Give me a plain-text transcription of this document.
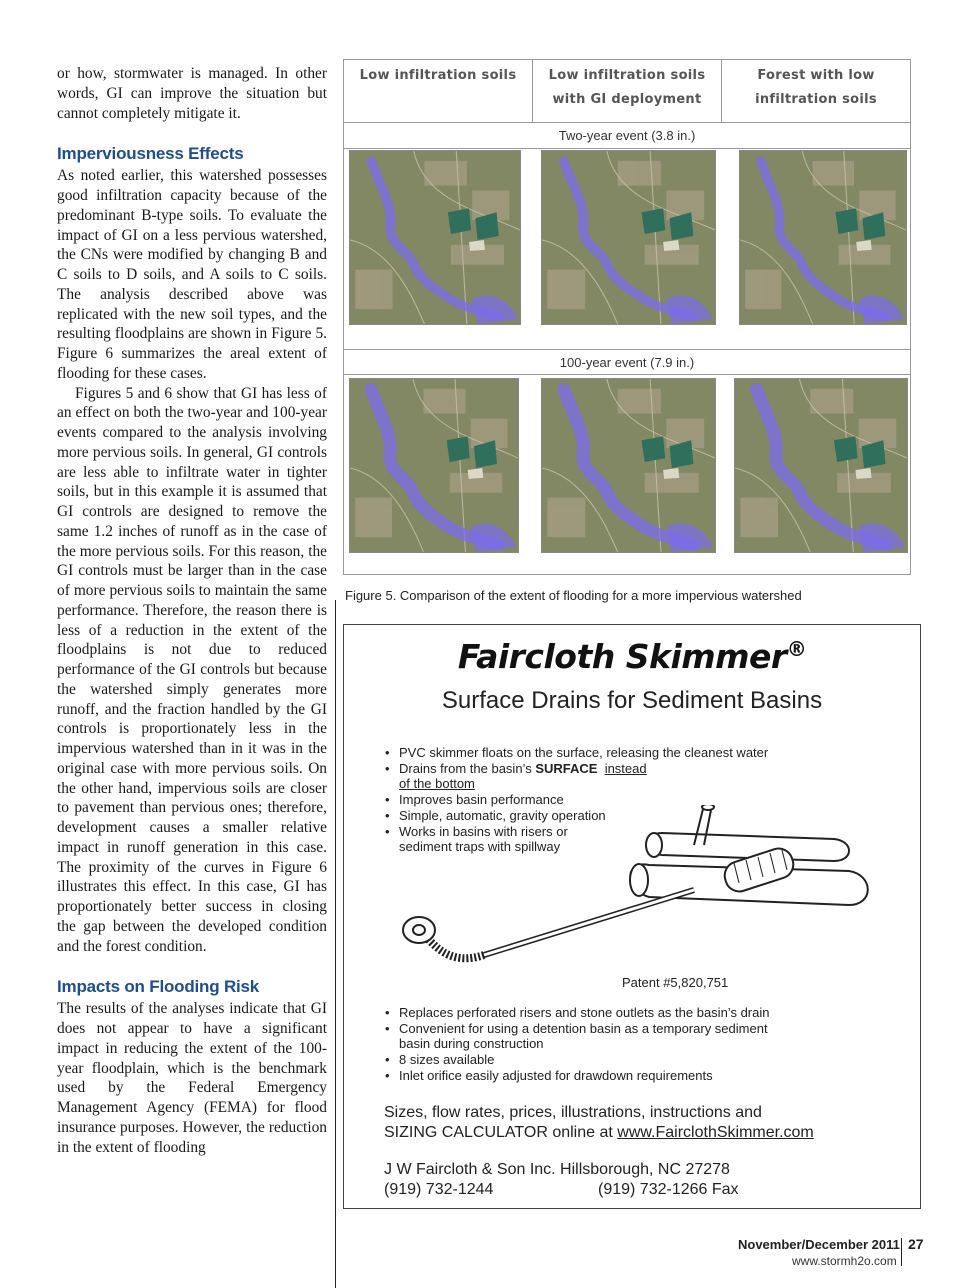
or how, stormwater is managed. In other words, GI can improve the situation but cannot completely mitigate it.

Imperviousness Effects

As noted earlier, this watershed possesses good infiltration capacity because of the predominant B-type soils. To evaluate the impact of GI on a less pervious watershed, the CNs were modified by changing B and C soils to D soils, and A soils to C soils. The analysis described above was replicated with the new soil types, and the resulting floodplains are shown in Figure 5. Figure 6 summarizes the areal extent of flooding for these cases.

Figures 5 and 6 show that GI has less of an effect on both the two-year and 100-year events compared to the analysis involving more pervious soils. In general, GI controls are less able to infiltrate water in tighter soils, but in this example it is assumed that GI controls are designed to remove the same 1.2 inches of runoff as in the case of the more pervious soils. For this reason, the GI controls must be larger than in the case of more pervious soils to maintain the same performance. Therefore, the reason there is less of a reduction in the extent of the floodplains is not due to reduced performance of the GI controls but because the watershed simply generates more runoff, and the fraction handled by the GI controls is proportionately less in the impervious watershed than in it was in the original case with more pervious soils. On the other hand, impervious soils are closer to pavement than pervious ones; therefore, development causes a smaller relative impact in runoff generation in this case. The proximity of the curves in Figure 6 illustrates this effect. In this case, GI has proportionately better success in closing the gap between the developed condition and the forest condition.

Impacts on Flooding Risk

The results of the analyses indicate that GI does not appear to have a significant impact in reducing the extent of the 100-year floodplain, which is the benchmark used by the Federal Emergency Management Agency (FEMA) for flood insurance purposes. However, the reduction in the extent of flooding

Low infiltration soils	Low infiltration soils
with GI deployment
Forest with low
infiltration soils
Two-year event (3.8 in.)
100-year event (7.9 in.)
Figure 5. Comparison of the extent of flooding for a more impervious watershed
Faircloth Skimmer®
Surface Drains for Sediment Basins
• PVC skimmer floats on the surface, releasing the cleanest water
• Drains from the basin’s SURFACE instead
of the bottom
• Improves basin performance
• Simple, automatic, gravity operation
• Works in basins with risers or
sediment traps with spillway
Patent #5,820,751
• Replaces perforated risers and stone outlets as the basin’s drain
• Convenient for using a detention basin as a temporary sediment
basin during construction
• 8 sizes available
• Inlet orifice easily adjusted for drawdown requirements
Sizes, flow rates, prices, illustrations, instructions and
SIZING CALCULATOR online at www.FairclothSkimmer.com
J W Faircloth & Son Inc. Hillsborough, NC 27278
(919) 732-1244	(919) 732-1266 Fax
November/December 2011
www.stormh2o.com
27
